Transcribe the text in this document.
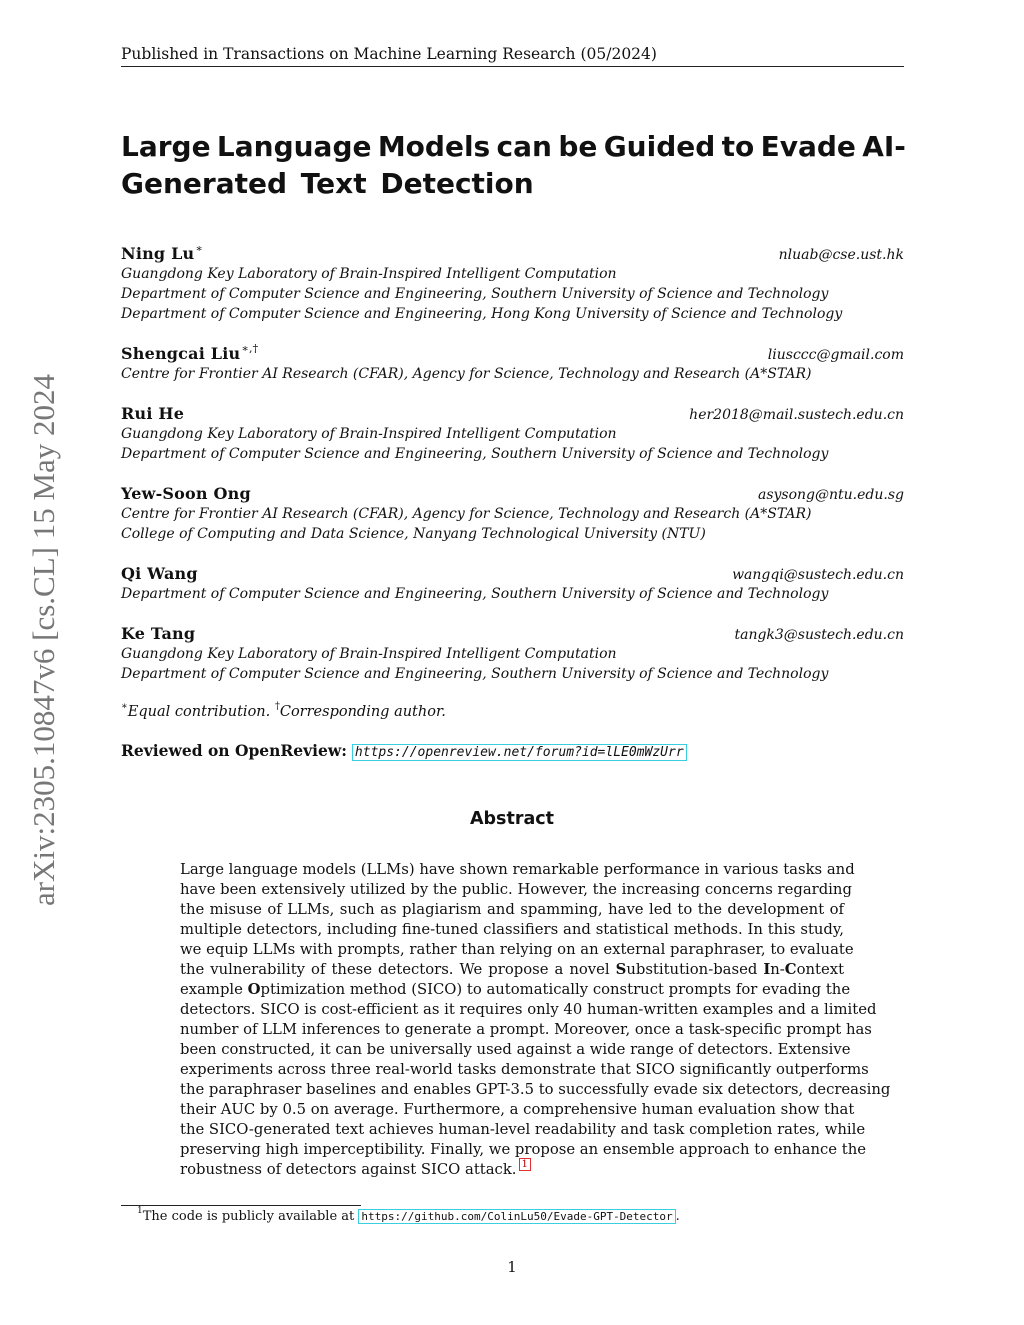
Published in Transactions on Machine Learning Research (05/2024)
arXiv:2305.10847v6 [cs.CL] 15 May 2024
Large Language Models can be Guided to Evade AI-
Generated Text Detection
Ning Lu∗	nluab@cse.ust.hk
Guangdong Key Laboratory of Brain-Inspired Intelligent Computation
Department of Computer Science and Engineering, Southern University of Science and Technology
Department of Computer Science and Engineering, Hong Kong University of Science and Technology
Shengcai Liu∗,†	liusccc@gmail.com
Centre for Frontier AI Research (CFAR), Agency for Science, Technology and Research (A*STAR)
Rui He	her2018@mail.sustech.edu.cn
Guangdong Key Laboratory of Brain-Inspired Intelligent Computation
Department of Computer Science and Engineering, Southern University of Science and Technology
Yew-Soon Ong	asysong@ntu.edu.sg
Centre for Frontier AI Research (CFAR), Agency for Science, Technology and Research (A*STAR)
College of Computing and Data Science, Nanyang Technological University (NTU)
Qi Wang	wangqi@sustech.edu.cn
Department of Computer Science and Engineering, Southern University of Science and Technology
Ke Tang	tangk3@sustech.edu.cn
Guangdong Key Laboratory of Brain-Inspired Intelligent Computation
Department of Computer Science and Engineering, Southern University of Science and Technology
∗Equal contribution. †Corresponding author.
Reviewed on OpenReview: https://openreview.net/forum?id=lLE0mWzUrr
Abstract
Large language models (LLMs) have shown remarkable performance in various tasks and
have been extensively utilized by the public. However, the increasing concerns regarding
the misuse of LLMs, such as plagiarism and spamming, have led to the development of
multiple detectors, including fine-tuned classifiers and statistical methods. In this study,
we equip LLMs with prompts, rather than relying on an external paraphraser, to evaluate
the vulnerability of these detectors. We propose a novel Substitution-based In-Context
example Optimization method (SICO) to automatically construct prompts for evading the
detectors. SICO is cost-efficient as it requires only 40 human-written examples and a limited
number of LLM inferences to generate a prompt. Moreover, once a task-specific prompt has
been constructed, it can be universally used against a wide range of detectors. Extensive
experiments across three real-world tasks demonstrate that SICO significantly outperforms
the paraphraser baselines and enables GPT-3.5 to successfully evade six detectors, decreasing
their AUC by 0.5 on average. Furthermore, a comprehensive human evaluation show that
the SICO-generated text achieves human-level readability and task completion rates, while
preserving high imperceptibility. Finally, we propose an ensemble approach to enhance the
robustness of detectors against SICO attack. $^1$
$^1$The code is publicly available at https://github.com/ColinLu50/Evade-GPT-Detector .
1
